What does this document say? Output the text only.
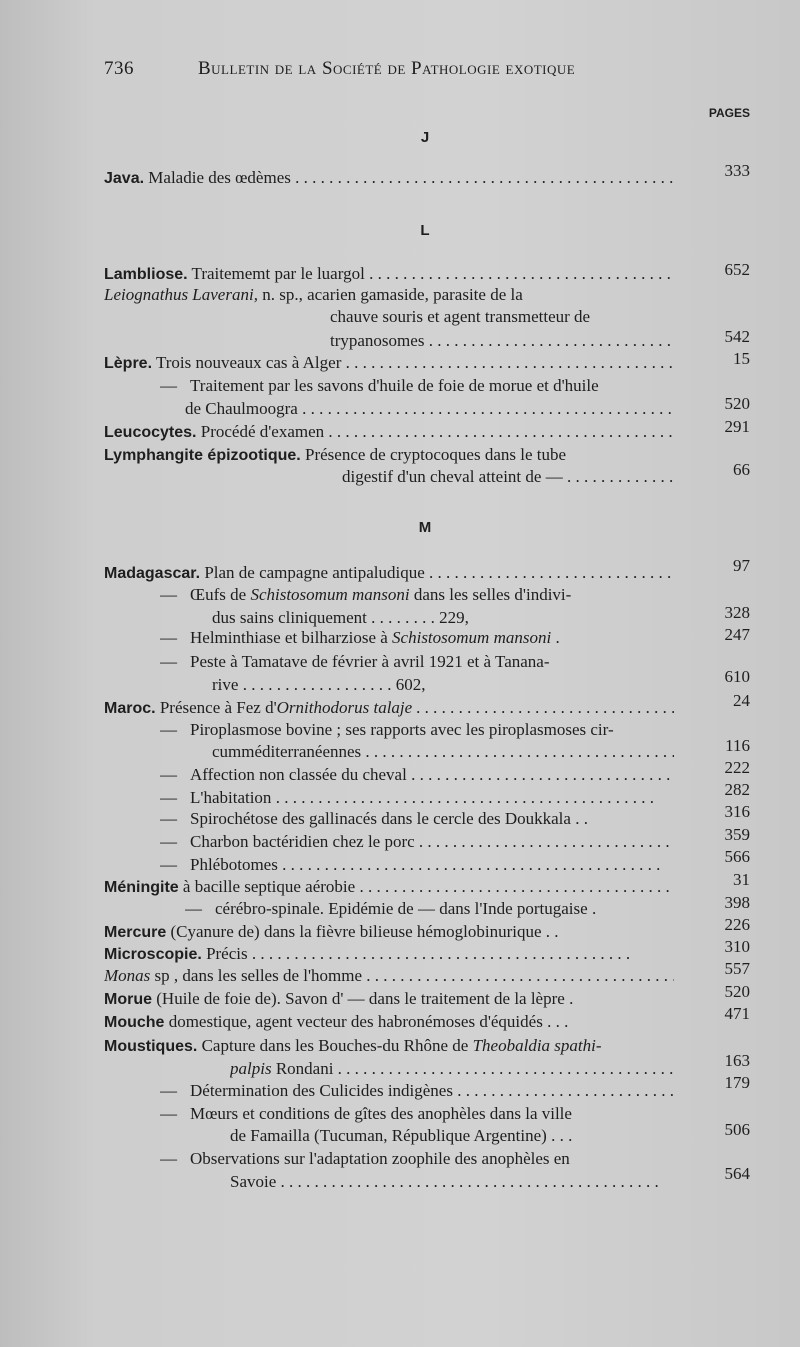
736	Bulletin de la Société de Pathologie exotique
PAGES
J
L
M
Java. Maladie des œdèmes . . .	333
Lambliose. Traitememt par le luargol . . .	652
Leiognathus Laverani, n. sp., acarien gamaside, parasite de la
chauve souris et agent transmetteur de
trypanosomes . . .	542
Lèpre. Trois nouveaux cas à Alger . . .	15
— Traitement par les savons d'huile de foie de morue et d'huile
de Chaulmoogra . . .	520
Leucocytes. Procédé d'examen . . .	291
Lymphangite épizootique. Présence de cryptocoques dans le tube
digestif d'un cheval atteint de — . . .	66
Madagascar. Plan de campagne antipaludique . . .	97
— Œufs de Schistosomum mansoni dans les selles d'indivi-
dus sains cliniquement . . . . . . . . 229,	328
— Helminthiase et bilharziose à Schistosomum mansoni .	247
— Peste à Tamatave de février à avril 1921 et à Tanana-
rive . . . . . . . . . . . . . . . . . . 602,	610
Maroc. Présence à Fez d'Ornithodorus talaje . . .	24
— Piroplasmose bovine ; ses rapports avec les piroplasmoses cir-
cumméditerranéennes . . .	116
— Affection non classée du cheval . . .	222
— L'habitation . . .	282
— Spirochétose des gallinacés dans le cercle des Doukkala . .	316
— Charbon bactéridien chez le porc . . .	359
— Phlébotomes . . .	566
Méningite à bacille septique aérobie . . .	31
— cérébro-spinale. Epidémie de — dans l'Inde portugaise .	398
Mercure (Cyanure de) dans la fièvre bilieuse hémoglobinurique . .	226
Microscopie. Précis . . .	310
Monas sp , dans les selles de l'homme . . .	557
Morue (Huile de foie de). Savon d' — dans le traitement de la lèpre .	520
Mouche domestique, agent vecteur des habronémoses d'équidés . . .	471
Moustiques. Capture dans les Bouches-du Rhône de Theobaldia spathi-
palpis Rondani . . .	163
— Détermination des Culicides indigènes . . .	179
— Mœurs et conditions de gîtes des anophèles dans la ville
de Famailla (Tucuman, République Argentine) . . .	506
— Observations sur l'adaptation zoophile des anophèles en
Savoie . . .	564
